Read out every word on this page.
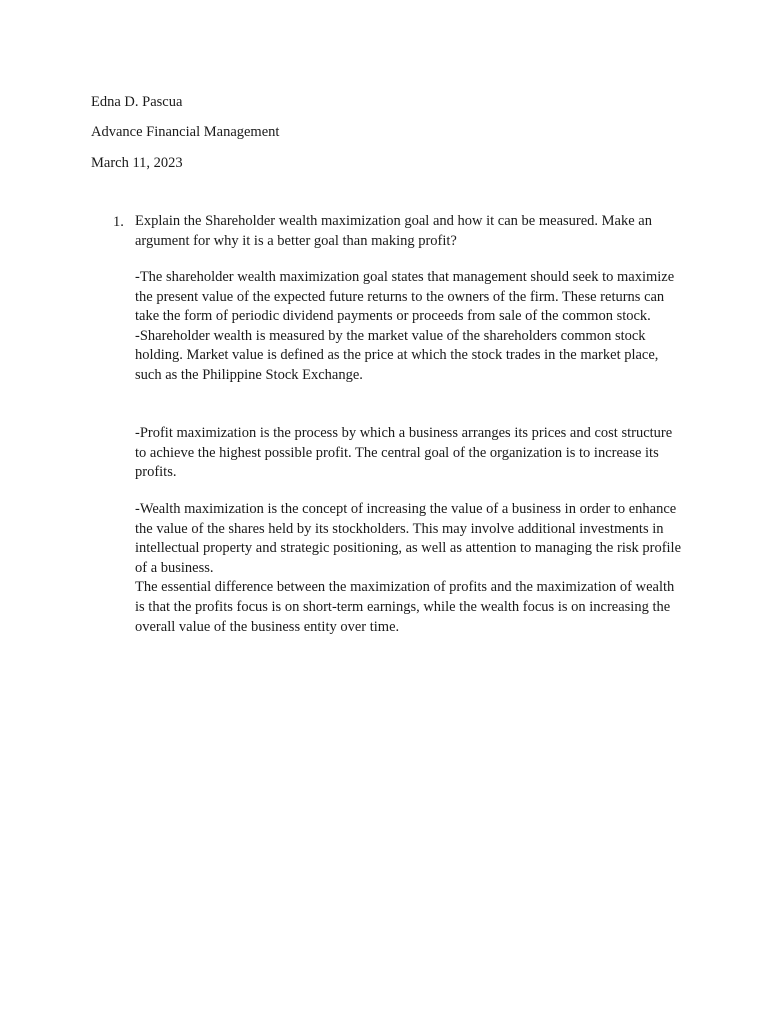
Edna D. Pascua
Advance Financial Management
March 11, 2023
1. Explain the Shareholder wealth maximization goal and how it can be measured. Make an argument for why it is a better goal than making profit?

-The shareholder wealth maximization goal states that management should seek to maximize the present value of the expected future returns to the owners of the firm. These returns can take the form of periodic dividend payments or proceeds from sale of the common stock.

-Shareholder wealth is measured by the market value of the shareholders common stock holding. Market value is defined as the price at which the stock trades in the market place, such as the Philippine Stock Exchange.

-Profit maximization is the process by which a business arranges its prices and cost structure to achieve the highest possible profit. The central goal of the organization is to increase its profits.

-Wealth maximization is the concept of increasing the value of a business in order to enhance the value of the shares held by its stockholders. This may involve additional investments in intellectual property and strategic positioning, as well as attention to managing the risk profile of a business.

The essential difference between the maximization of profits and the maximization of wealth is that the profits focus is on short-term earnings, while the wealth focus is on increasing the overall value of the business entity over time.
